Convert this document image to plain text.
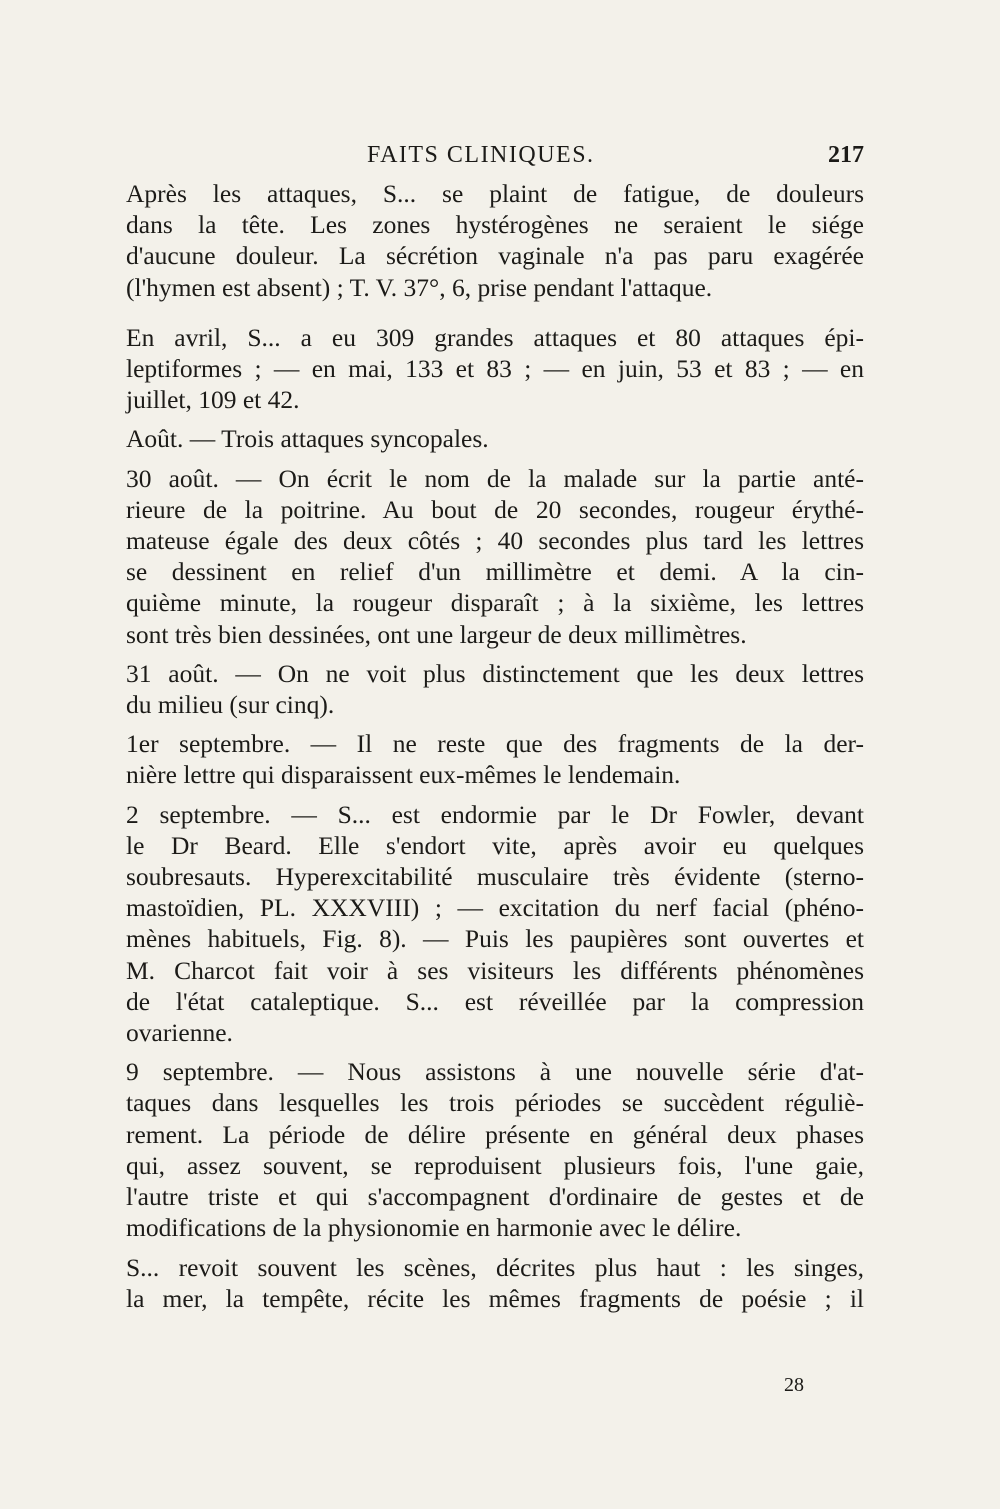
FAITS CLINIQUES.	217
Après les attaques, S... se plaint de fatigue, de douleurs
dans la tête. Les zones hystérogènes ne seraient le siége
d'aucune douleur. La sécrétion vaginale n'a pas paru exagérée
(l'hymen est absent) ; T. V. 37°, 6, prise pendant l'attaque.
En avril, S... a eu 309 grandes attaques et 80 attaques épi-
leptiformes ; — en mai, 133 et 83 ; — en juin, 53 et 83 ; — en
juillet, 109 et 42.
Août. — Trois attaques syncopales.
30 août. — On écrit le nom de la malade sur la partie anté-
rieure de la poitrine. Au bout de 20 secondes, rougeur érythé-
mateuse égale des deux côtés ; 40 secondes plus tard les lettres
se dessinent en relief d'un millimètre et demi. A la cin-
quième minute, la rougeur disparaît ; à la sixième, les lettres
sont très bien dessinées, ont une largeur de deux millimètres.
31 août. — On ne voit plus distinctement que les deux lettres
du milieu (sur cinq).
1er septembre. — Il ne reste que des fragments de la der-
nière lettre qui disparaissent eux-mêmes le lendemain.
2 septembre. — S... est endormie par le Dr Fowler, devant
le Dr Beard. Elle s'endort vite, après avoir eu quelques
soubresauts. Hyperexcitabilité musculaire très évidente (sterno-
mastoïdien, PL. XXXVIII) ; — excitation du nerf facial (phéno-
mènes habituels, Fig. 8). — Puis les paupières sont ouvertes et
M. Charcot fait voir à ses visiteurs les différents phénomènes
de l'état cataleptique. S... est réveillée par la compression
ovarienne.
9 septembre. — Nous assistons à une nouvelle série d'at-
taques dans lesquelles les trois périodes se succèdent réguliè-
rement. La période de délire présente en général deux phases
qui, assez souvent, se reproduisent plusieurs fois, l'une gaie,
l'autre triste et qui s'accompagnent d'ordinaire de gestes et de
modifications de la physionomie en harmonie avec le délire.
S... revoit souvent les scènes, décrites plus haut : les singes,
la mer, la tempête, récite les mêmes fragments de poésie ; il
28
